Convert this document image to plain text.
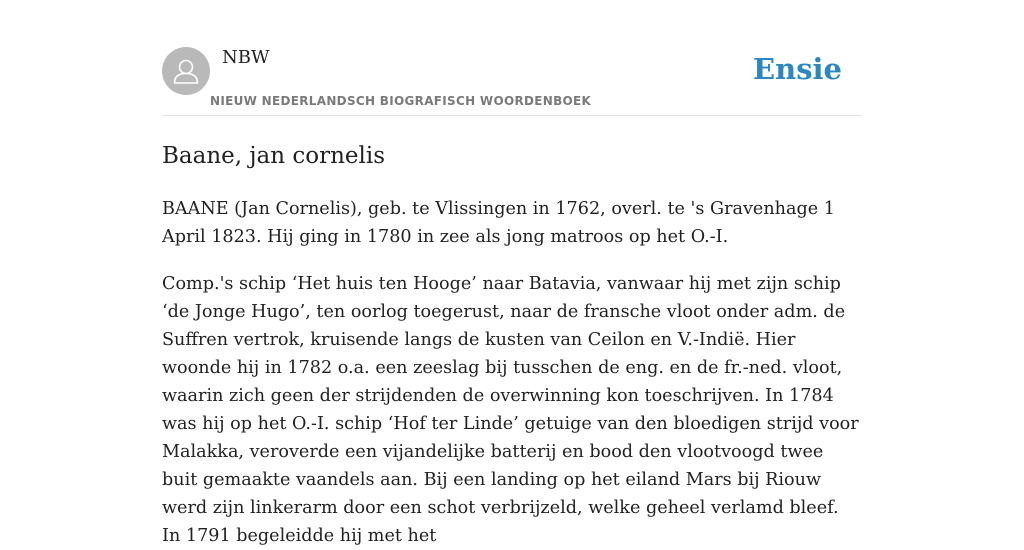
NBW
NIEUW NEDERLANDSCH BIOGRAFISCH WOORDENBOEK
Ensie
Baane, jan cornelis

BAANE (Jan Cornelis), geb. te Vlissingen in 1762, overl. te 's Gravenhage 1 April 1823. Hij ging in 1780 in zee als jong matroos op het O.-I.

Comp.'s schip ‘Het huis ten Hooge’ naar Batavia, vanwaar hij met zijn schip ‘de Jonge Hugo’, ten oorlog toegerust, naar de fransche vloot onder adm. de Suffren vertrok, kruisende langs de kusten van Ceilon en V.-Indië. Hier woonde hij in 1782 o.a. een zeeslag bij tusschen de eng. en de fr.-ned. vloot, waarin zich geen der strijdenden de overwinning kon toeschrijven. In 1784 was hij op het O.-I. schip ‘Hof ter Linde’ getuige van den bloedigen strijd voor Malakka, veroverde een vijandelijke batterij en bood den vlootvoogd twee buit gemaakte vaandels aan. Bij een landing op het eiland Mars bij Riouw werd zijn linkerarm door een schot verbrijzeld, welke geheel verlamd bleef. In 1791 begeleidde hij met het
